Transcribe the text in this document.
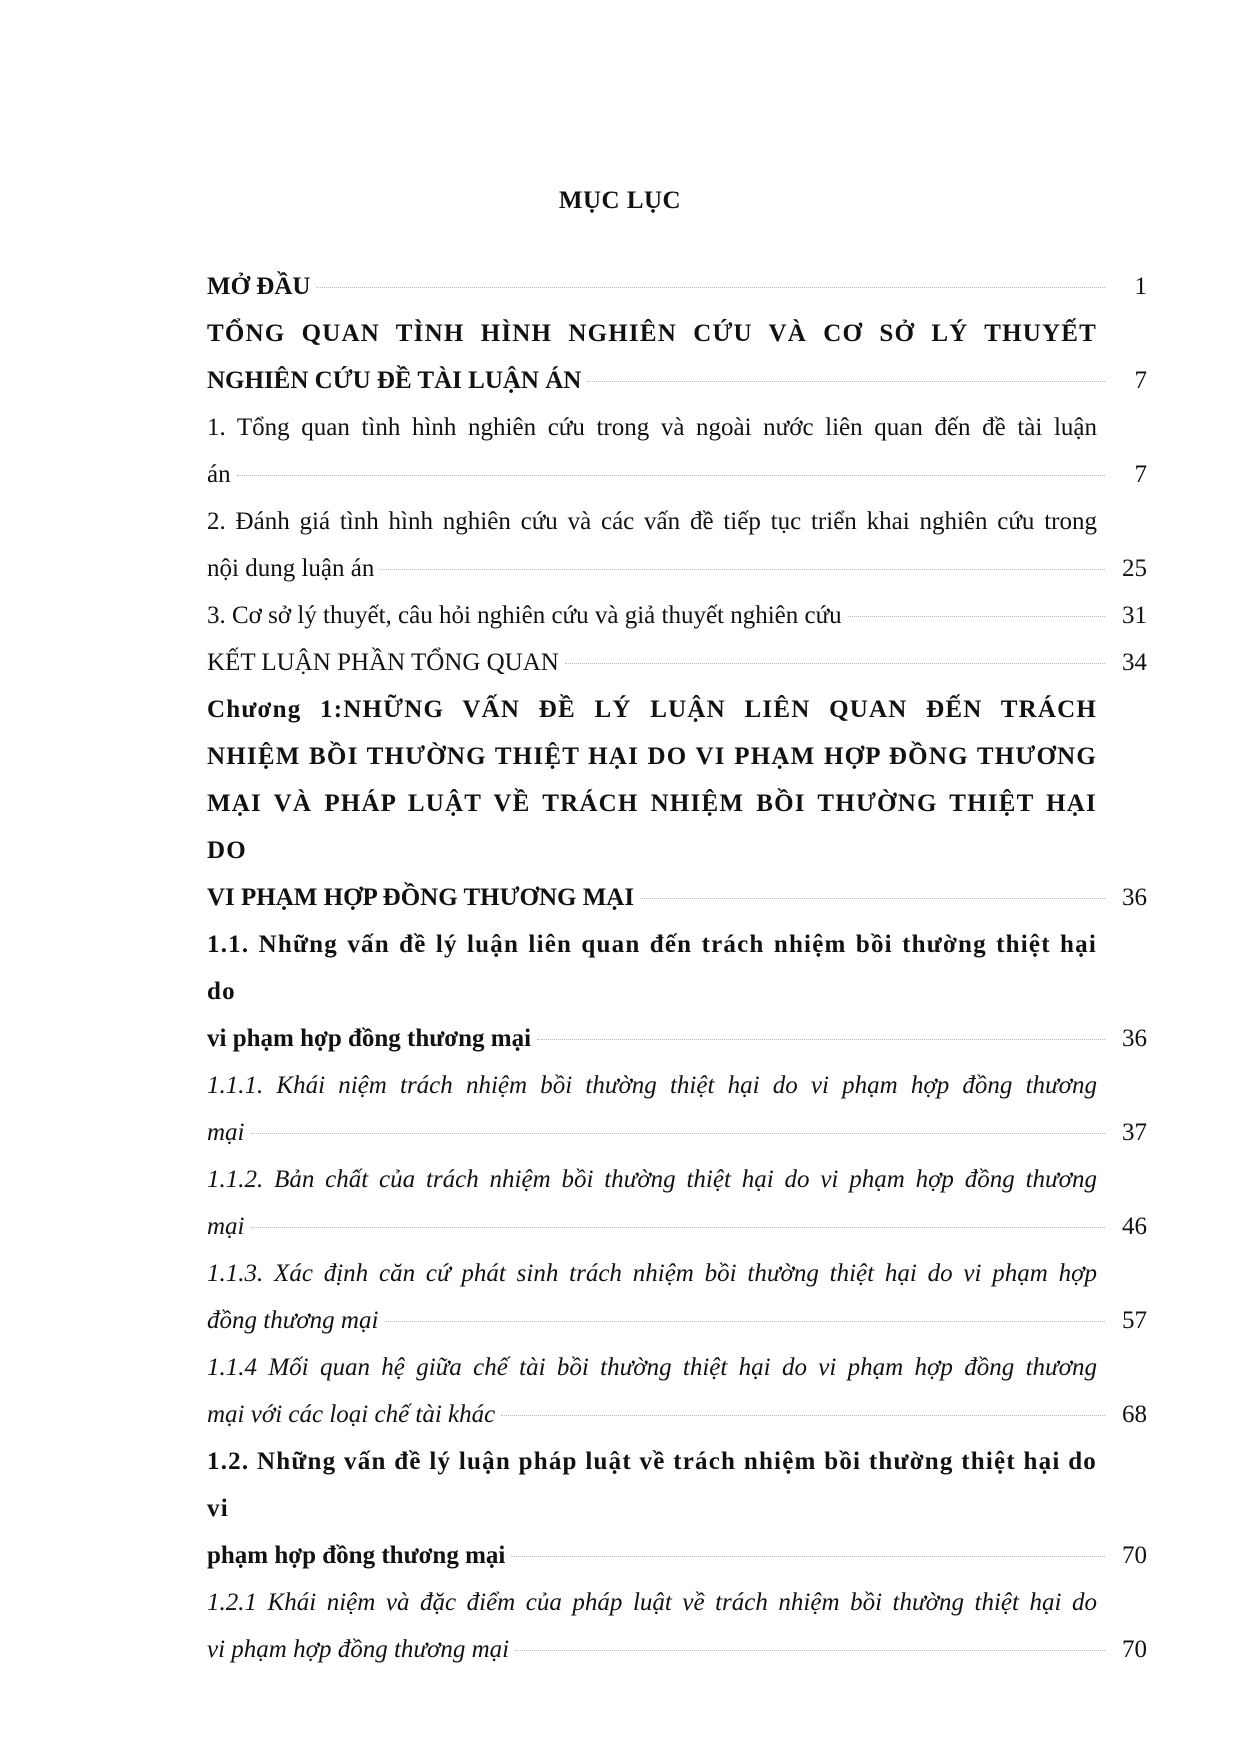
MỤC LỤC
MỞ ĐẦU	1
TỔNG QUAN TÌNH HÌNH NGHIÊN CỨU VÀ CƠ SỞ LÝ THUYẾT
NGHIÊN CỨU ĐỀ TÀI LUẬN ÁN	7
1. Tổng quan tình hình nghiên cứu trong và ngoài nước liên quan đến đề tài luận
án	7
2. Đánh giá tình hình nghiên cứu và các vấn đề tiếp tục triển khai nghiên cứu trong
nội dung luận án	25
3. Cơ sở lý thuyết, câu hỏi nghiên cứu và giả thuyết nghiên cứu	31
KẾT LUẬN PHẦN TỔNG QUAN	34
Chương 1:NHỮNG VẤN ĐỀ LÝ LUẬN LIÊN QUAN ĐẾN TRÁCH
NHIỆM BỒI THƯỜNG THIỆT HẠI DO VI PHẠM HỢP ĐỒNG THƯƠNG
MẠI VÀ PHÁP LUẬT VỀ TRÁCH NHIỆM BỒI THƯỜNG THIỆT HẠI DO
VI PHẠM HỢP ĐỒNG THƯƠNG MẠI	36
1.1. Những vấn đề lý luận liên quan đến trách nhiệm bồi thường thiệt hại do
vi phạm hợp đồng thương mại	36
1.1.1. Khái niệm trách nhiệm bồi thường thiệt hại do vi phạm hợp đồng thương
mại	37
1.1.2. Bản chất của trách nhiệm bồi thường thiệt hại do vi phạm hợp đồng thương
mại	46
1.1.3. Xác định căn cứ phát sinh trách nhiệm bồi thường thiệt hại do vi phạm hợp
đồng thương mại	57
1.1.4 Mối quan hệ giữa chế tài bồi thường thiệt hại do vi phạm hợp đồng thương
mại với các loại chế tài khác	68
1.2. Những vấn đề lý luận pháp luật về trách nhiệm bồi thường thiệt hại do vi
phạm hợp đồng thương mại	70
1.2.1 Khái niệm và đặc điểm của pháp luật về trách nhiệm bồi thường thiệt hại do
vi phạm hợp đồng thương mại	70
